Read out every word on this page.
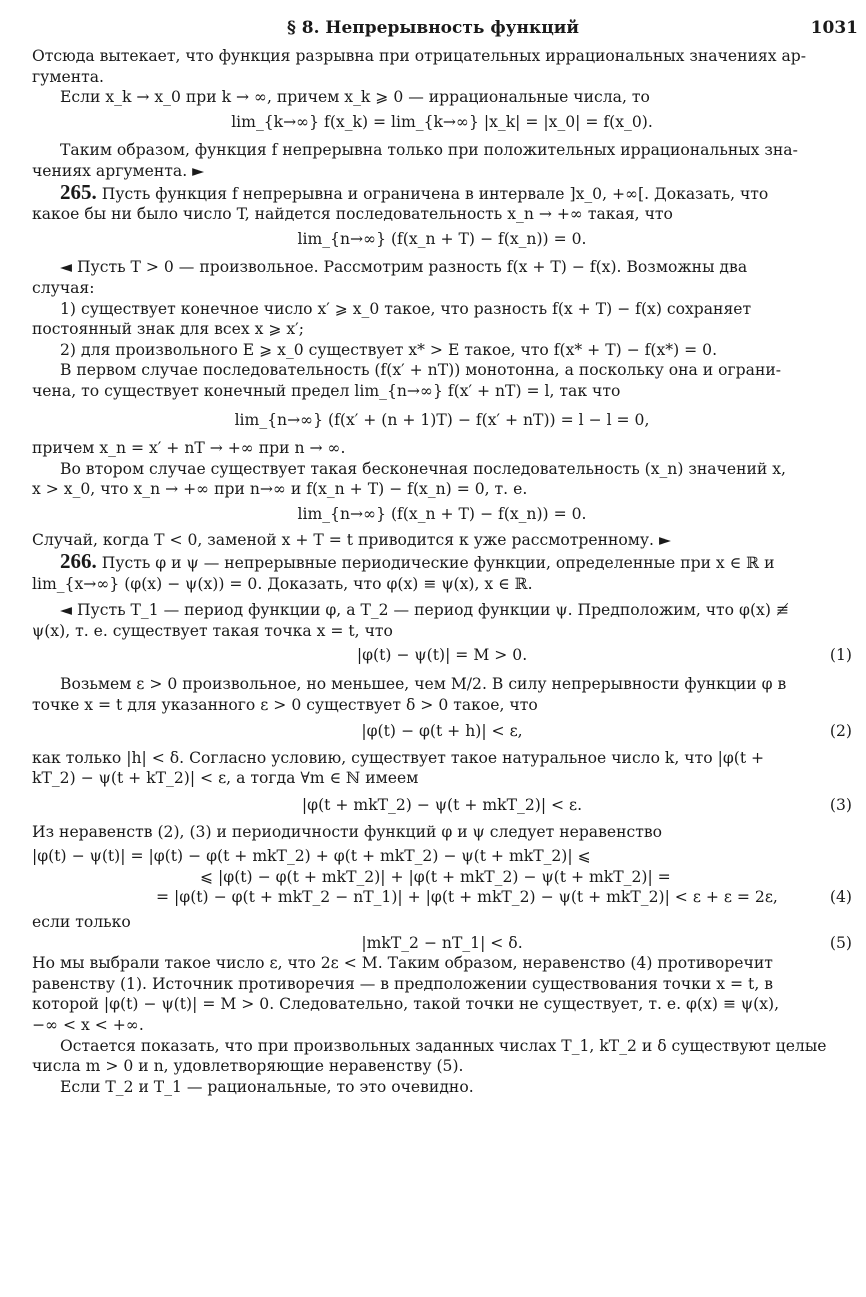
§ 8. Непрерывность функций	1031

Отсюда вытекает, что функция разрывна при отрицательных иррациональных значениях ар-

гумента.

Если x_k → x_0 при k → ∞, причем x_k ⩾ 0 — иррациональные числа, то

lim_{k→∞} f(x_k) = lim_{k→∞} |x_k| = |x_0| = f(x_0).

Таким образом, функция f непрерывна только при положительных иррациональных зна-

чениях аргумента. ►

265. Пусть функция f непрерывна и ограничена в интервале ]x_0, +∞[. Доказать, что

какое бы ни было число T, найдется последовательность x_n → +∞ такая, что

lim_{n→∞} (f(x_n + T) − f(x_n)) = 0.

◄ Пусть T > 0 — произвольное. Рассмотрим разность f(x + T) − f(x). Возможны два

случая:

1) существует конечное число x′ ⩾ x_0 такое, что разность f(x + T) − f(x) сохраняет

постоянный знак для всех x ⩾ x′;

2) для произвольного E ⩾ x_0 существует x* > E такое, что f(x* + T) − f(x*) = 0.

В первом случае последовательность (f(x′ + nT)) монотонна, а поскольку она и ограни-

чена, то существует конечный предел lim_{n→∞} f(x′ + nT) = l, так что

lim_{n→∞} (f(x′ + (n + 1)T) − f(x′ + nT)) = l − l = 0,

причем x_n = x′ + nT → +∞ при n → ∞.

Во втором случае существует такая бесконечная последовательность (x_n) значений x,

x > x_0, что x_n → +∞ при n→∞ и f(x_n + T) − f(x_n) = 0, т. е.

lim_{n→∞} (f(x_n + T) − f(x_n)) = 0.

Случай, когда T < 0, заменой x + T = t приводится к уже рассмотренному. ►

266. Пусть φ и ψ — непрерывные периодические функции, определенные при x ∈ ℝ и

lim_{x→∞} (φ(x) − ψ(x)) = 0. Доказать, что φ(x) ≡ ψ(x), x ∈ ℝ.

◄ Пусть T_1 — период функции φ, а T_2 — период функции ψ. Предположим, что φ(x) ≢

ψ(x), т. е. существует такая точка x = t, что

|φ(t) − ψ(t)| = M > 0.	(1)

Возьмем ε > 0 произвольное, но меньшее, чем M/2. В силу непрерывности функции φ в

точке x = t для указанного ε > 0 существует δ > 0 такое, что

|φ(t) − φ(t + h)| < ε,	(2)

как только |h| < δ. Согласно условию, существует такое натуральное число k, что |φ(t +

kT_2) − ψ(t + kT_2)| < ε, а тогда ∀m ∈ ℕ имеем

|φ(t + mkT_2) − ψ(t + mkT_2)| < ε.	(3)

Из неравенств (2), (3) и периодичности функций φ и ψ следует неравенство

|φ(t) − ψ(t)| = |φ(t) − φ(t + mkT_2) + φ(t + mkT_2) − ψ(t + mkT_2)| ⩽

⩽ |φ(t) − φ(t + mkT_2)| + |φ(t + mkT_2) − ψ(t + mkT_2)| =

= |φ(t) − φ(t + mkT_2 − nT_1)| + |φ(t + mkT_2) − ψ(t + mkT_2)| < ε + ε = 2ε,	(4)

если только

|mkT_2 − nT_1| < δ.	(5)

Но мы выбрали такое число ε, что 2ε < M. Таким образом, неравенство (4) противоречит

равенству (1). Источник противоречия — в предположении существования точки x = t, в

которой |φ(t) − ψ(t)| = M > 0. Следовательно, такой точки не существует, т. е. φ(x) ≡ ψ(x),

−∞ < x < +∞.

Остается показать, что при произвольных заданных числах T_1, kT_2 и δ существуют целые

числа m > 0 и n, удовлетворяющие неравенству (5).

Если T_2 и T_1 — рациональные, то это очевидно.
